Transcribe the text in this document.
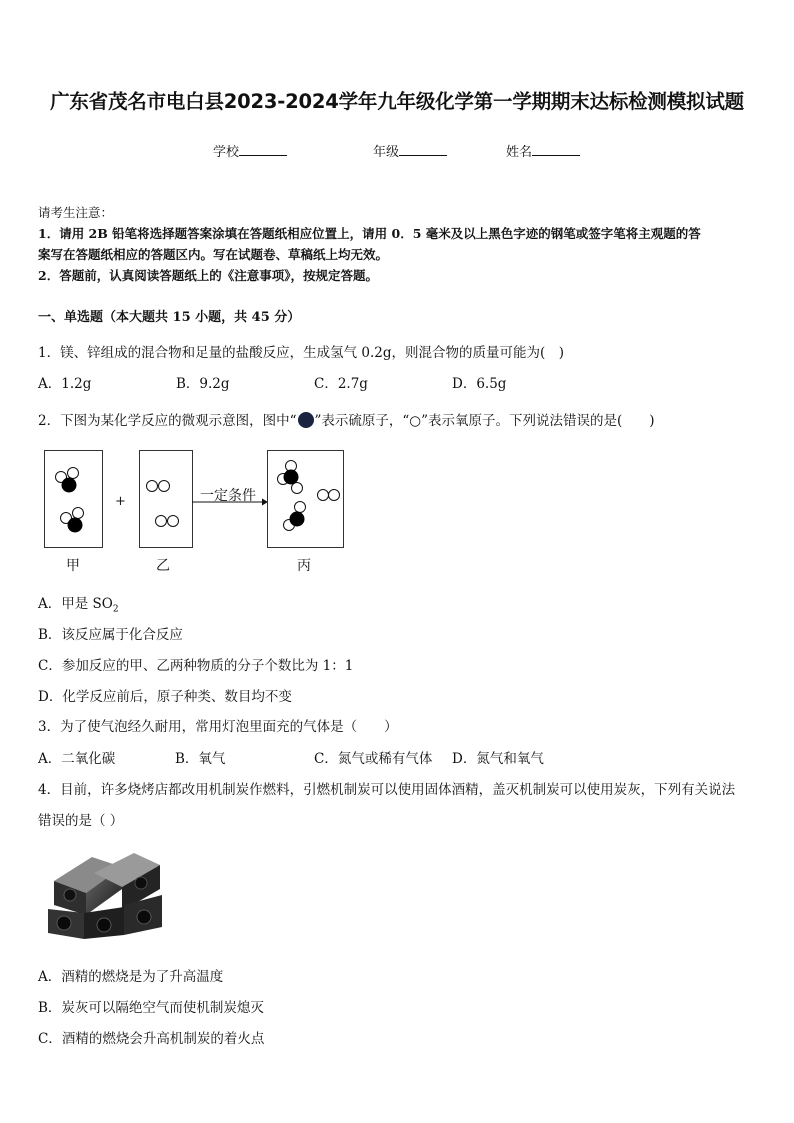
广东省茂名市电白县2023-2024学年九年级化学第一学期期末达标检测模拟试题
学校	年级	姓名
请考生注意：
1．请用 2B 铅笔将选择题答案涂填在答题纸相应位置上，请用 0．5 毫米及以上黑色字迹的钢笔或签字笔将主观题的答
案写在答题纸相应的答题区内。写在试题卷、草稿纸上均无效。
2．答题前，认真阅读答题纸上的《注意事项》，按规定答题。
一、单选题（本大题共 15 小题，共 45 分）
1．镁、锌组成的混合物和足量的盐酸反应，生成氢气 0.2g，则混合物的质量可能为(　)
A．1.2g	B．9.2g	C．2.7g	D．6.5g
2．下图为某化学反应的微观示意图，图中“ ”表示硫原子，“○”表示氧原子。下列说法错误的是(　　)
+	一定条件
甲	乙	丙
A．甲是 $SO_2$
B．该反应属于化合反应
C．参加反应的甲、乙两种物质的分子个数比为 1：1
D．化学反应前后，原子种类、数目均不变
3．为了使气泡经久耐用，常用灯泡里面充的气体是（　　）
A．二氧化碳	B．氧气	C．氮气或稀有气体 D．氮气和氧气
4．目前，许多烧烤店都改用机制炭作燃料，引燃机制炭可以使用固体酒精，盖灭机制炭可以使用炭灰，下列有关说法
错误的是（ ）
A．酒精的燃烧是为了升高温度
B．炭灰可以隔绝空气而使机制炭熄灭
C．酒精的燃烧会升高机制炭的着火点
